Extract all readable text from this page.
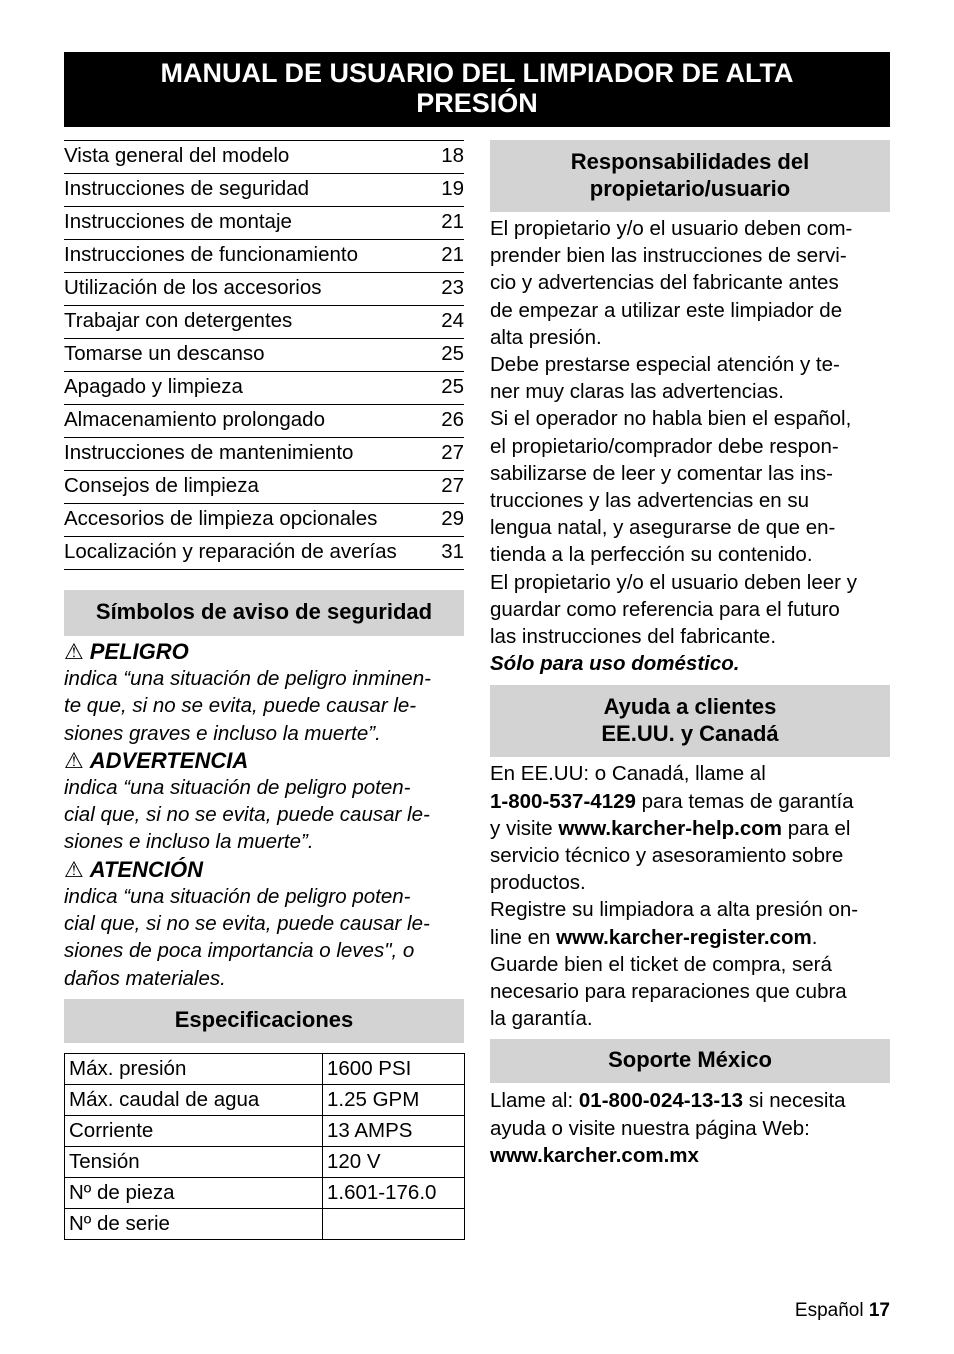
MANUAL DE USUARIO DEL LIMPIADOR DE ALTA
PRESIÓN
Vista general del modelo	18
Instrucciones de seguridad	19
Instrucciones de montaje	21
Instrucciones de funcionamiento	21
Utilización de los accesorios	23
Trabajar con detergentes	24
Tomarse un descanso	25
Apagado y limpieza	25
Almacenamiento prolongado	26
Instrucciones de mantenimiento	27
Consejos de limpieza	27
Accesorios de limpieza opcionales	29
Localización y reparación de averías 31
Símbolos de aviso de seguridad
⚠ PELIGRO
indica “una situación de peligro inminen-
te que, si no se evita, puede causar le-
siones graves e incluso la muerte”.
⚠ ADVERTENCIA
indica “una situación de peligro poten-
cial que, si no se evita, puede causar le-
siones e incluso la muerte”.
⚠ ATENCIÓN
indica “una situación de peligro poten-
cial que, si no se evita, puede causar le-
siones de poca importancia o leves", o
daños materiales.
Especificaciones
Máx. presión	1600 PSI
Máx. caudal de agua	1.25 GPM
Corriente	13 AMPS
Tensión	120 V
Nº de pieza	1.601-176.0
Nº de serie	
Responsabilidades del
propietario/usuario
El propietario y/o el usuario deben com-
prender bien las instrucciones de servi-
cio y advertencias del fabricante antes
de empezar a utilizar este limpiador de
alta presión.
Debe prestarse especial atención y te-
ner muy claras las advertencias.
Si el operador no habla bien el español,
el propietario/comprador debe respon-
sabilizarse de leer y comentar las ins-
trucciones y las advertencias en su
lengua natal, y asegurarse de que en-
tienda a la perfección su contenido.
El propietario y/o el usuario deben leer y
guardar como referencia para el futuro
las instrucciones del fabricante.
Sólo para uso doméstico.
Ayuda a clientes
EE.UU. y Canadá
En EE.UU: o Canadá, llame al
1-800-537-4129 para temas de garantía
y visite www.karcher-help.com para el
servicio técnico y asesoramiento sobre
productos.
Registre su limpiadora a alta presión on-
line en www.karcher-register.com.
Guarde bien el ticket de compra, será
necesario para reparaciones que cubra
la garantía.
Soporte México
Llame al: 01-800-024-13-13 si necesita
ayuda o visite nuestra página Web:
www.karcher.com.mx
Español 17
